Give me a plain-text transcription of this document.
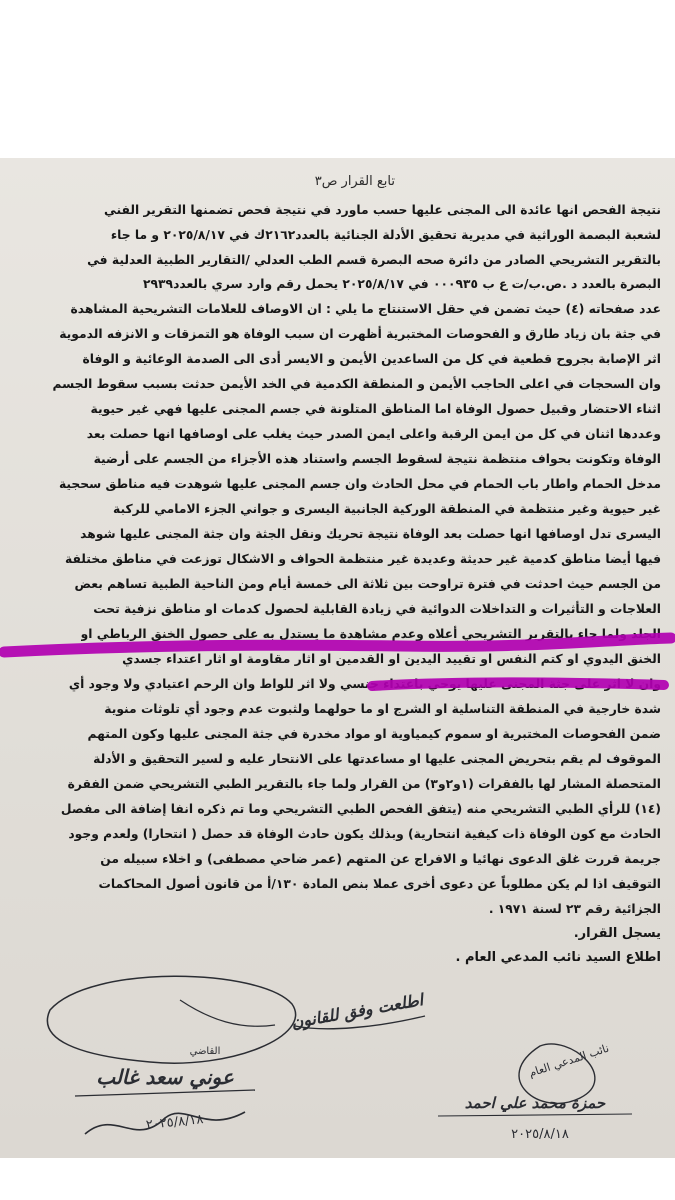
تابع القرار ص٣
نتيجة الفحص انها عائدة الى المجنى عليها حسب ماورد في نتيجة فحص تضمنها التقرير الفني
لشعبة البصمة الوراثية في مديرية تحقيق الأدلة الجنائية بالعدد٢١٦٢ك في ٢٠٢٥/٨/١٧ و ما جاء
بالتقرير التشريحي الصادر من دائرة صحه البصرة قسم الطب العدلي /التقارير الطبية العدلية في
البصرة بالعدد د .ص.ب/ت ع ب ٠٠٠٩٣٥ في ٢٠٢٥/٨/١٧ يحمل رقم وارد سري بالعدد٢٩٣٩
عدد صفحاته (٤) حيث تضمن في حقل الاستنتاج ما يلي : ان الاوصاف للعلامات التشريحية المشاهدة
في جثة بان زياد طارق و الفحوصات المختبرية أظهرت ان سبب الوفاة هو التمزقات و الانزفه الدموية
اثر الإصابة بجروح قطعية في كل من الساعدين الأيمن و الايسر أدى الى الصدمة الوعائية و الوفاة
وان السحجات في اعلى الحاجب الأيمن و المنطقة الكدمية في الخد الأيمن حدثت بسبب سقوط الجسم
اثناء الاحتضار وقبيل حصول الوفاة اما المناطق المتلونة في جسم المجنى عليها فهي غير حيوية
وعددها اثنان في كل من ايمن الرقبة واعلى ايمن الصدر حيث يغلب على اوصافها انها حصلت بعد
الوفاة وتكونت بحواف منتظمة نتيجة لسقوط الجسم واستناد هذه الأجزاء من الجسم على أرضية
مدخل الحمام واطار باب الحمام في محل الحادث وان جسم المجنى عليها شوهدت فيه مناطق سحجية
غير حيوية وغير منتظمة في المنطقة الوركية الجانبية اليسرى و جواني الجزء الامامي للركبة
اليسرى تدل اوصافها انها حصلت بعد الوفاة نتيجة تحريك ونقل الجثة وان جثة المجنى عليها شوهد
فيها أيضا مناطق كدمية غير حديثة وعديدة غير منتظمة الحواف و الاشكال توزعت في مناطق مختلفة
من الجسم حيث احدثت في فترة تراوحت بين ثلاثة الى خمسة أيام ومن الناحية الطبية تساهم بعض
العلاجات و التأثيرات و التداخلات الدوائية في زيادة القابلية لحصول كدمات او مناطق نزفية تحت
الجلد ولما جاء بالتقرير التشريحي أعلاه وعدم مشاهدة ما يستدل به على حصول الخنق الرباطي او
الخنق اليدوي او كتم النفس او تقييد اليدين او القدمين او اثار مقاومة او اثار اعتداء جسدي
وان لا اثر على جثة المجنى عليها يوحي باعتداء جنسي ولا اثر للواط وان الرحم اعتيادي ولا وجود أي
شدة خارجية في المنطقة التناسلية او الشرج او ما حولهما ولثبوت عدم وجود أي تلوثات منوية
ضمن الفحوصات المختبرية او سموم كيمياوية او مواد مخدرة في جثة المجنى عليها وكون المتهم
الموقوف لم يقم بتحريض المجنى عليها او مساعدتها على الانتحار عليه و لسير التحقيق و الأدلة
المتحصلة المشار لها بالفقرات (١و٢و٣) من القرار ولما جاء بالتقرير الطبي التشريحي ضمن الفقرة
(١٤) للرأي الطبي التشريحي منه (يتفق الفحص الطبي التشريحي وما تم ذكره انفا إضافة الى مفصل
الحادث مع كون الوفاة ذات كيفية انتحارية) وبذلك يكون حادث الوفاة قد حصل ( انتحارا) ولعدم وجود
جريمة قررت غلق الدعوى نهائيا و الافراج عن المتهم (عمر ضاحي مصطفى) و اخلاء سبيله من
التوقيف اذا لم يكن مطلوباً عن دعوى أخرى عملا بنص المادة ١٣٠/أ من قانون أصول المحاكمات
الجزائية رقم ٢٣ لسنة ١٩٧١ .
يسجل القرار.
اطلاع السيد نائب المدعي العام .
اطلعت وفق للقانون
القاضي
عوني سعد غالب
٢٠٢٥/٨/١٨
نائب المدعي العام
حمزة محمد علي احمد
٢٠٢٥/٨/١٨
